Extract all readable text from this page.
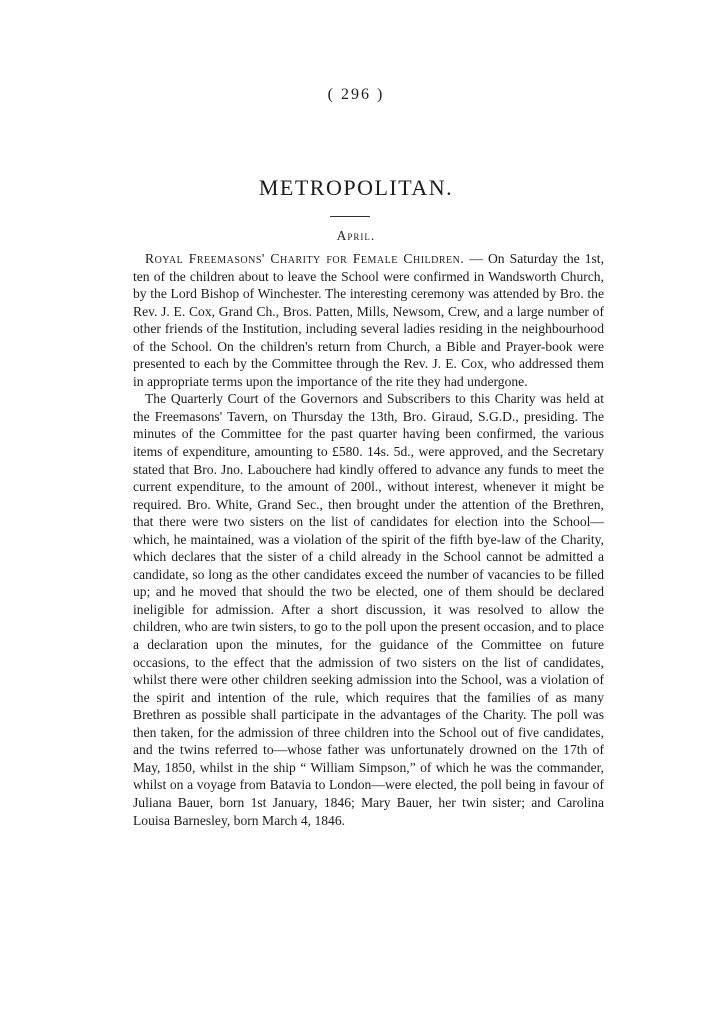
( 296 )
METROPOLITAN.
April.

Royal Freemasons' Charity for Female Children. — On Saturday the 1st, ten of the children about to leave the School were confirmed in Wandsworth Church, by the Lord Bishop of Winchester. The interesting ceremony was attended by Bro. the Rev. J. E. Cox, Grand Ch., Bros. Patten, Mills, Newsom, Crew, and a large number of other friends of the Institution, including several ladies residing in the neighbourhood of the School. On the children's return from Church, a Bible and Prayer-book were presented to each by the Committee through the Rev. J. E. Cox, who addressed them in appropriate terms upon the importance of the rite they had undergone.

The Quarterly Court of the Governors and Subscribers to this Charity was held at the Freemasons' Tavern, on Thursday the 13th, Bro. Giraud, S.G.D., presiding. The minutes of the Committee for the past quarter having been confirmed, the various items of expenditure, amounting to £580. 14s. 5d., were approved, and the Secretary stated that Bro. Jno. Labouchere had kindly offered to advance any funds to meet the current expenditure, to the amount of 200l., without interest, whenever it might be required. Bro. White, Grand Sec., then brought under the attention of the Brethren, that there were two sisters on the list of candidates for election into the School—which, he maintained, was a violation of the spirit of the fifth bye-law of the Charity, which declares that the sister of a child already in the School cannot be admitted a candidate, so long as the other candidates exceed the number of vacancies to be filled up; and he moved that should the two be elected, one of them should be declared ineligible for admission. After a short discussion, it was resolved to allow the children, who are twin sisters, to go to the poll upon the present occasion, and to place a declaration upon the minutes, for the guidance of the Committee on future occasions, to the effect that the admission of two sisters on the list of candidates, whilst there were other children seeking admission into the School, was a violation of the spirit and intention of the rule, which requires that the families of as many Brethren as possible shall participate in the advantages of the Charity. The poll was then taken, for the admission of three children into the School out of five candidates, and the twins referred to—whose father was unfortunately drowned on the 17th of May, 1850, whilst in the ship “ William Simpson,” of which he was the commander, whilst on a voyage from Batavia to London—were elected, the poll being in favour of Juliana Bauer, born 1st January, 1846; Mary Bauer, her twin sister; and Carolina Louisa Barnesley, born March 4, 1846.
